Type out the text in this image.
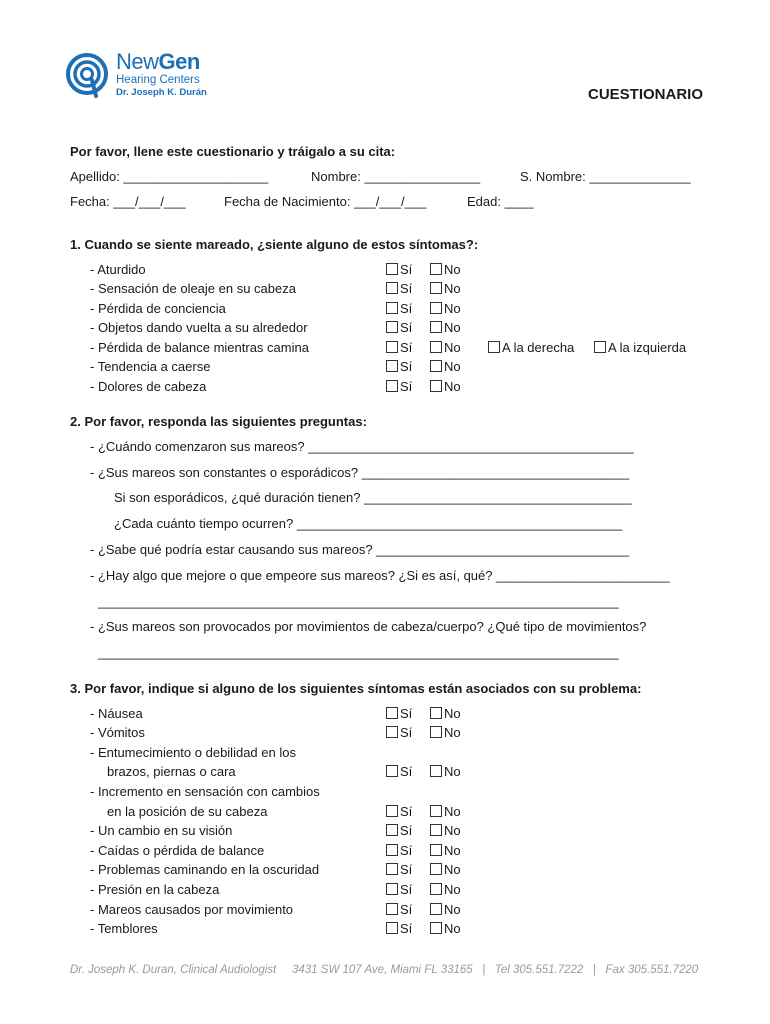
NewGen
Hearing Centers
Dr. Joseph K. Durán	CUESTIONARIO
Por favor, llene este cuestionario y tráigalo a su cita:
Apellido: ____________________	Nombre: ________________	S. Nombre: ______________
Fecha: ___/___/___	Fecha de Nacimiento: ___/___/___	Edad: ____
1. Cuando se siente mareado, ¿siente alguno de estos síntomas?:
- Aturdido	Sí	No
- Sensación de oleaje en su cabeza	Sí	No
- Pérdida de conciencia	Sí	No
- Objetos dando vuelta a su alrededor	Sí	No
- Pérdida de balance mientras camina	Sí	No	A la derecha	A la izquierda
- Tendencia a caerse	Sí	No
- Dolores de cabeza	Sí	No
2. Por favor, responda las siguientes preguntas:
- ¿Cuándo comenzaron sus mareos? _____________________________________________
- ¿Sus mareos son constantes o esporádicos? _____________________________________
Si son esporádicos, ¿qué duración tienen? _____________________________________
¿Cada cuánto tiempo ocurren? _____________________________________________
- ¿Sabe qué podría estar causando sus mareos? ___________________________________
- ¿Hay algo que mejore o que empeore sus mareos? ¿Si es así, qué? ________________________
________________________________________________________________________
- ¿Sus mareos son provocados por movimientos de cabeza/cuerpo? ¿Qué tipo de movimientos?
________________________________________________________________________
3. Por favor, indique si alguno de los siguientes síntomas están asociados con su problema:
- Náusea	Sí	No
- Vómitos	Sí	No
- Entumecimiento o debilidad en los
brazos, piernas o cara	Sí	No
- Incremento en sensación con cambios
en la posición de su cabeza	Sí	No
- Un cambio en su visión	Sí	No
- Caídas o pérdida de balance	Sí	No
- Problemas caminando en la oscuridad	Sí	No
- Presión en la cabeza	Sí	No
- Mareos causados por movimiento	Sí	No
- Temblores	Sí	No
Dr. Joseph K. Duran, Clinical Audiologist 3431 SW 107 Ave, Miami FL 33165   |   Tel 305.551.7222   |   Fax 305.551.7220
